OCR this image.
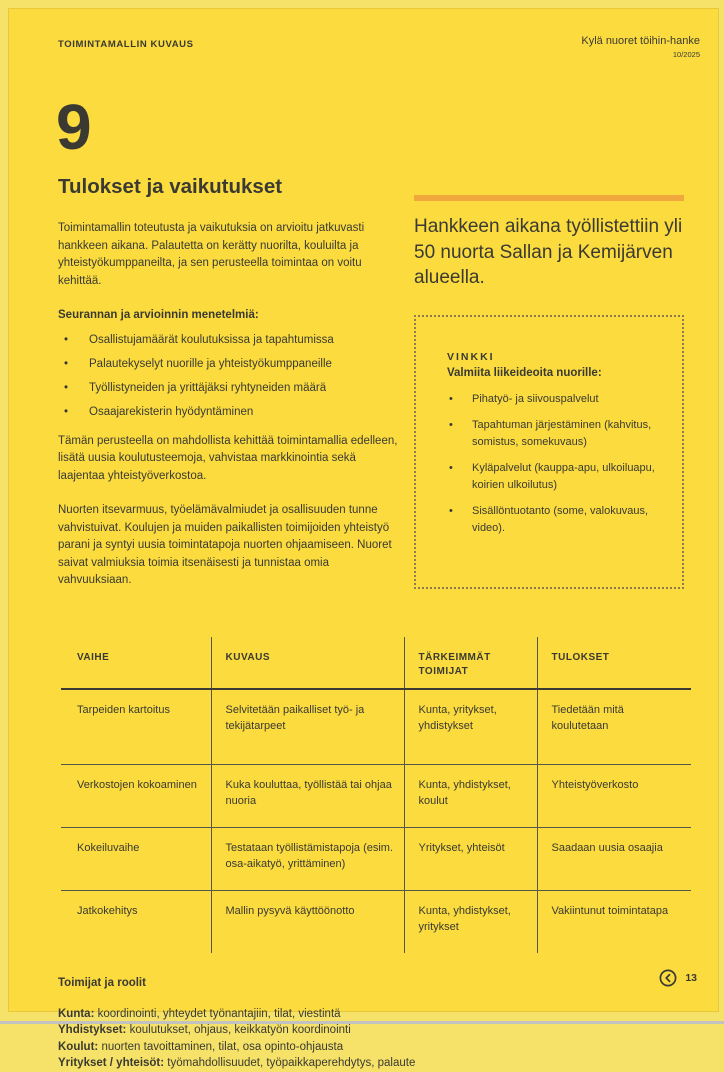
TOIMINTAMALLIN KUVAUS	Kylä nuoret töihin-hanke
10/2025
9
Tulokset ja vaikutukset

Toimintamallin toteutusta ja vaikutuksia on arvioitu jatkuvasti hankkeen aikana. Palautetta on kerätty nuorilta, kouluilta ja yhteistyökumppaneilta, ja sen perusteella toimintaa on voitu kehittää.

Seurannan ja arvioinnin menetelmiä:

• Osallistujamäärät koulutuksissa ja tapahtumissa
• Palautekyselyt nuorille ja yhteistyökumppaneille
• Työllistyneiden ja yrittäjäksi ryhtyneiden määrä
• Osaajarekisterin hyödyntäminen

Tämän perusteella on mahdollista kehittää toimintamallia edelleen, lisätä uusia koulutusteemoja, vahvistaa markkinointia sekä laajentaa yhteistyöverkostoa.

Nuorten itsevarmuus, työelämävalmiudet ja osallisuuden tunne vahvistuivat. Koulujen ja muiden paikallisten toimijoiden yhteistyö parani ja syntyi uusia toimintatapoja nuorten ohjaamiseen. Nuoret saivat valmiuksia toimia itsenäisesti ja tunnistaa omia vahvuuksiaan.

Hankkeen aikana työllistettiin yli 50 nuorta Sallan ja Kemijärven alueella.
VINKKI
Valmiita liikeideoita nuorille:
• Pihatyö- ja siivouspalvelut
• Tapahtuman järjestäminen (kahvitus, somistus, somekuvaus)
• Kyläpalvelut (kauppa-apu, ulkoiluapu, koirien ulkoilutus)
• Sisällöntuotanto (some, valokuvaus, video).
VAIHE	KUVAUS	TÄRKEIMMÄT TOIMIJAT	TULOKSET
Tarpeiden kartoitus	Selvitetään paikalliset työ- ja tekijätarpeet	Kunta, yritykset, yhdistykset	Tiedetään mitä koulutetaan
Verkostojen kokoaminen	Kuka kouluttaa, työllistää tai ohjaa nuoria	Kunta, yhdistykset, koulut	Yhteistyöverkosto
Kokeiluvaihe	Testataan työllistämistapoja (esim. osa-aikatyö, yrittäminen)	Yritykset, yhteisöt	Saadaan uusia osaajia
Jatkokehitys	Mallin pysyvä käyttöönotto	Kunta, yhdistykset, yritykset	Vakiintunut toimintatapa
Toimijat ja roolit

Kunta: koordinointi, yhteydet työnantajiin, tilat, viestintä

Yhdistykset: koulutukset, ohjaus, keikkatyön koordinointi

Koulut: nuorten tavoittaminen, tilat, osa opinto-ohjausta

Yritykset / yhteisöt: työmahdollisuudet, työpaikkaperehdytys, palaute

13
